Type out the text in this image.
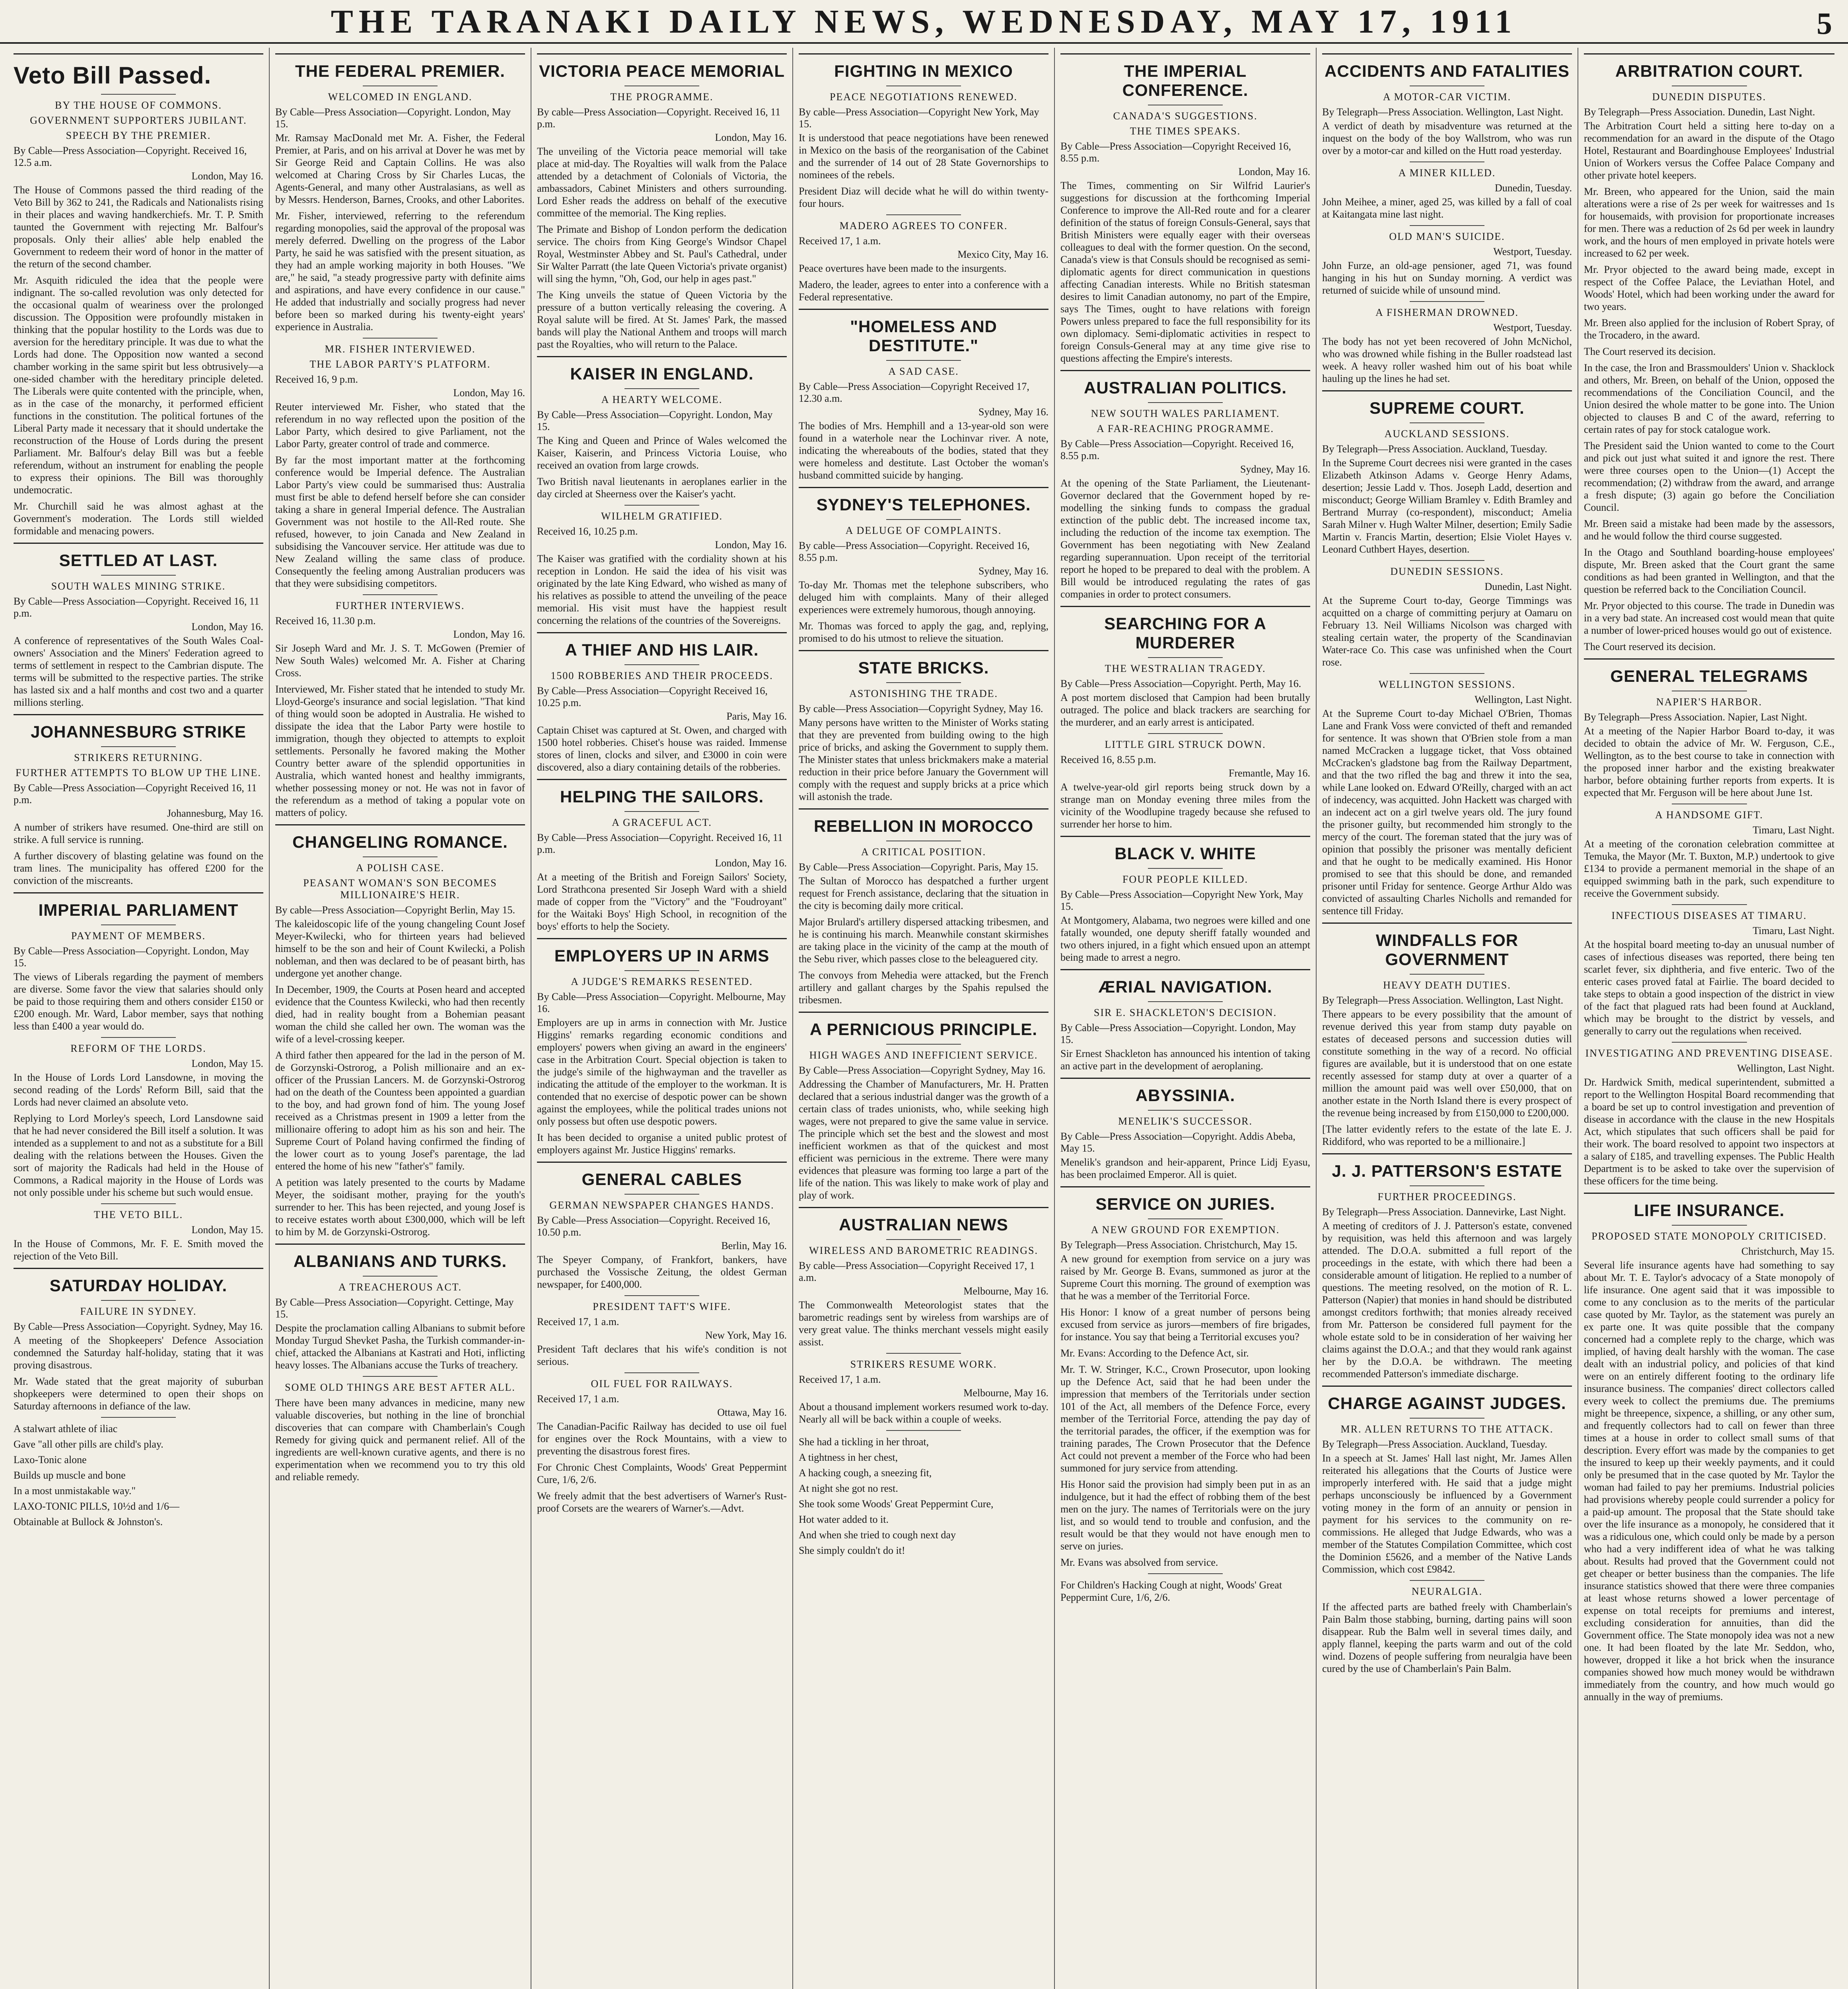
THE TARANAKI DAILY NEWS, WEDNESDAY, MAY 17, 1911	5
Veto Bill Passed.
BY THE HOUSE OF COMMONS.
GOVERNMENT SUPPORTERS JUBILANT.
SPEECH BY THE PREMIER.
By Cable—Press Association—Copyright. Received 16, 12.5 a.m.
London, May 16.

The House of Commons passed the third reading of the Veto Bill by 362 to 241, the Radicals and Nationalists rising in their places and waving handkerchiefs. Mr. T. P. Smith taunted the Government with rejecting Mr. Balfour's proposals. Only their allies' able help enabled the Government to redeem their word of honor in the matter of the return of the second chamber.

Mr. Asquith ridiculed the idea that the people were indignant. The so-called revolution was only detected for the occasional qualm of weariness over the prolonged discussion. The Opposition were profoundly mistaken in thinking that the popular hostility to the Lords was due to aversion for the hereditary principle. It was due to what the Lords had done. The Opposition now wanted a second chamber working in the same spirit but less obtrusively—a one-sided chamber with the hereditary principle deleted. The Liberals were quite contented with the principle, when, as in the case of the monarchy, it performed efficient functions in the constitution. The political fortunes of the Liberal Party made it necessary that it should undertake the reconstruction of the House of Lords during the present Parliament. Mr. Balfour's delay Bill was but a feeble referendum, without an instrument for enabling the people to express their opinions. The Bill was thoroughly undemocratic.

Mr. Churchill said he was almost aghast at the Government's moderation. The Lords still wielded formidable and menacing powers.

SETTLED AT LAST.
SOUTH WALES MINING STRIKE.
By Cable—Press Association—Copyright. Received 16, 11 p.m.
London, May 16.

A conference of representatives of the South Wales Coal-owners' Association and the Miners' Federation agreed to terms of settlement in respect to the Cambrian dispute. The terms will be submitted to the respective parties. The strike has lasted six and a half months and cost two and a quarter millions sterling.

JOHANNESBURG STRIKE
STRIKERS RETURNING.
FURTHER ATTEMPTS TO BLOW UP THE LINE.
By Cable—Press Association—Copyright Received 16, 11 p.m.
Johannesburg, May 16.

A number of strikers have resumed. One-third are still on strike. A full service is running.

A further discovery of blasting gelatine was found on the tram lines. The municipality has offered £200 for the conviction of the miscreants.

IMPERIAL PARLIAMENT
PAYMENT OF MEMBERS.
By Cable—Press Association—Copyright. London, May 15.

The views of Liberals regarding the payment of members are diverse. Some favor the view that salaries should only be paid to those requiring them and others consider £150 or £200 enough. Mr. Ward, Labor member, says that nothing less than £400 a year would do.

REFORM OF THE LORDS.
London, May 15.

In the House of Lords Lord Lansdowne, in moving the second reading of the Lords' Reform Bill, said that the Lords had never claimed an absolute veto.

Replying to Lord Morley's speech, Lord Lansdowne said that he had never considered the Bill itself a solution. It was intended as a supplement to and not as a substitute for a Bill dealing with the relations between the Houses. Given the sort of majority the Radicals had held in the House of Commons, a Radical majority in the House of Lords was not only possible under his scheme but such would ensue.

THE VETO BILL.
London, May 15.

In the House of Commons, Mr. F. E. Smith moved the rejection of the Veto Bill.

SATURDAY HOLIDAY.
FAILURE IN SYDNEY.
By Cable—Press Association—Copyright. Sydney, May 16.

A meeting of the Shopkeepers' Defence Association condemned the Saturday half-holiday, stating that it was proving disastrous.

Mr. Wade stated that the great majority of suburban shopkeepers were determined to open their shops on Saturday afternoons in defiance of the law.

A stalwart athlete of iliac
Gave "all other pills are child's play.
Laxo-Tonic alone
Builds up muscle and bone
In a most unmistakable way."
LAXO-TONIC PILLS, 10½d and 1/6—
Obtainable at Bullock & Johnston's.
THE FEDERAL PREMIER.
WELCOMED IN ENGLAND.
By Cable—Press Association—Copyright. London, May 15.

Mr. Ramsay MacDonald met Mr. A. Fisher, the Federal Premier, at Paris, and on his arrival at Dover he was met by Sir George Reid and Captain Collins. He was also welcomed at Charing Cross by Sir Charles Lucas, the Agents-General, and many other Australasians, as well as by Messrs. Henderson, Barnes, Crooks, and other Laborites.

Mr. Fisher, interviewed, referring to the referendum regarding monopolies, said the approval of the proposal was merely deferred. Dwelling on the progress of the Labor Party, he said he was satisfied with the present situation, as they had an ample working majority in both Houses. "We are," he said, "a steady progressive party with definite aims and aspirations, and have every confidence in our cause." He added that industrially and socially progress had never before been so marked during his twenty-eight years' experience in Australia.

MR. FISHER INTERVIEWED.
THE LABOR PARTY'S PLATFORM.
Received 16, 9 p.m.
London, May 16.

Reuter interviewed Mr. Fisher, who stated that the referendum in no way reflected upon the position of the Labor Party, which desired to give Parliament, not the Labor Party, greater control of trade and commerce.

By far the most important matter at the forthcoming conference would be Imperial defence. The Australian Labor Party's view could be summarised thus: Australia must first be able to defend herself before she can consider taking a share in general Imperial defence. The Australian Government was not hostile to the All-Red route. She refused, however, to join Canada and New Zealand in subsidising the Vancouver service. Her attitude was due to New Zealand willing the same class of produce. Consequently the feeling among Australian producers was that they were subsidising competitors.

FURTHER INTERVIEWS.
Received 16, 11.30 p.m.
London, May 16.

Sir Joseph Ward and Mr. J. S. T. McGowen (Premier of New South Wales) welcomed Mr. A. Fisher at Charing Cross.

Interviewed, Mr. Fisher stated that he intended to study Mr. Lloyd-George's insurance and social legislation. "That kind of thing would soon be adopted in Australia. He wished to dissipate the idea that the Labor Party were hostile to immigration, though they objected to attempts to exploit settlements. Personally he favored making the Mother Country better aware of the splendid opportunities in Australia, which wanted honest and healthy immigrants, whether possessing money or not. He was not in favor of the referendum as a method of taking a popular vote on matters of policy.

CHANGELING ROMANCE.
A POLISH CASE.
PEASANT WOMAN'S SON BECOMES MILLIONAIRE'S HEIR.
By cable—Press Association—Copyright Berlin, May 15.

The kaleidoscopic life of the young changeling Count Josef Meyer-Kwilecki, who for thirteen years had believed himself to be the son and heir of Count Kwilecki, a Polish nobleman, and then was declared to be of peasant birth, has undergone yet another change.

In December, 1909, the Courts at Posen heard and accepted evidence that the Countess Kwilecki, who had then recently died, had in reality bought from a Bohemian peasant woman the child she called her own. The woman was the wife of a level-crossing keeper.

A third father then appeared for the lad in the person of M. de Gorzynski-Ostrorog, a Polish millionaire and an ex-officer of the Prussian Lancers. M. de Gorzynski-Ostrorog had on the death of the Countess been appointed a guardian to the boy, and had grown fond of him. The young Josef received as a Christmas present in 1909 a letter from the millionaire offering to adopt him as his son and heir. The Supreme Court of Poland having confirmed the finding of the lower court as to young Josef's parentage, the lad entered the home of his new "father's" family.

A petition was lately presented to the courts by Madame Meyer, the soidisant mother, praying for the youth's surrender to her. This has been rejected, and young Josef is to receive estates worth about £300,000, which will be left to him by M. de Gorzynski-Ostrorog.

ALBANIANS AND TURKS.
A TREACHEROUS ACT.
By Cable—Press Association—Copyright. Cettinge, May 15.

Despite the proclamation calling Albanians to submit before Monday Turgud Shevket Pasha, the Turkish commander-in-chief, attacked the Albanians at Kastrati and Hoti, inflicting heavy losses. The Albanians accuse the Turks of treachery.

SOME OLD THINGS ARE BEST AFTER ALL.

There have been many advances in medicine, many new valuable discoveries, but nothing in the line of bronchial discoveries that can compare with Chamberlain's Cough Remedy for giving quick and permanent relief. All of the ingredients are well-known curative agents, and there is no experimentation when we recommend you to try this old and reliable remedy.

VICTORIA PEACE MEMORIAL
THE PROGRAMME.
By cable—Press Association—Copyright. Received 16, 11 p.m.
London, May 16.

The unveiling of the Victoria peace memorial will take place at mid-day. The Royalties will walk from the Palace attended by a detachment of Colonials of Victoria, the ambassadors, Cabinet Ministers and others surrounding. Lord Esher reads the address on behalf of the executive committee of the memorial. The King replies.

The Primate and Bishop of London perform the dedication service. The choirs from King George's Windsor Chapel Royal, Westminster Abbey and St. Paul's Cathedral, under Sir Walter Parratt (the late Queen Victoria's private organist) will sing the hymn, "Oh, God, our help in ages past."

The King unveils the statue of Queen Victoria by the pressure of a button vertically releasing the covering. A Royal salute will be fired. At St. James' Park, the massed bands will play the National Anthem and troops will march past the Royalties, who will return to the Palace.

KAISER IN ENGLAND.
A HEARTY WELCOME.
By Cable—Press Association—Copyright. London, May 15.

The King and Queen and Prince of Wales welcomed the Kaiser, Kaiserin, and Princess Victoria Louise, who received an ovation from large crowds.

Two British naval lieutenants in aeroplanes earlier in the day circled at Sheerness over the Kaiser's yacht.

WILHELM GRATIFIED.
Received 16, 10.25 p.m.
London, May 16.

The Kaiser was gratified with the cordiality shown at his reception in London. He said the idea of his visit was originated by the late King Edward, who wished as many of his relatives as possible to attend the unveiling of the peace memorial. His visit must have the happiest result concerning the relations of the countries of the Sovereigns.

A THIEF AND HIS LAIR.
1500 ROBBERIES AND THEIR PROCEEDS.
By Cable—Press Association—Copyright Received 16, 10.25 p.m.
Paris, May 16.

Captain Chiset was captured at St. Owen, and charged with 1500 hotel robberies. Chiset's house was raided. Immense stores of linen, clocks and silver, and £3000 in coin were discovered, also a diary containing details of the robberies.

HELPING THE SAILORS.
A GRACEFUL ACT.
By Cable—Press Association—Copyright. Received 16, 11 p.m.
London, May 16.

At a meeting of the British and Foreign Sailors' Society, Lord Strathcona presented Sir Joseph Ward with a shield made of copper from the "Victory" and the "Foudroyant" for the Waitaki Boys' High School, in recognition of the boys' efforts to help the Society.

EMPLOYERS UP IN ARMS
A JUDGE'S REMARKS RESENTED.
By Cable—Press Association—Copyright. Melbourne, May 16.

Employers are up in arms in connection with Mr. Justice Higgins' remarks regarding economic conditions and employers' powers when giving an award in the engineers' case in the Arbitration Court. Special objection is taken to the judge's simile of the highwayman and the traveller as indicating the attitude of the employer to the workman. It is contended that no exercise of despotic power can be shown against the employees, while the political trades unions not only possess but often use despotic powers.

It has been decided to organise a united public protest of employers against Mr. Justice Higgins' remarks.

GENERAL CABLES
GERMAN NEWSPAPER CHANGES HANDS.
By Cable—Press Association—Copyright. Received 16, 10.50 p.m.
Berlin, May 16.

The Speyer Company, of Frankfort, bankers, have purchased the Vossische Zeitung, the oldest German newspaper, for £400,000.

PRESIDENT TAFT'S WIFE.
Received 17, 1 a.m.
New York, May 16.

President Taft declares that his wife's condition is not serious.

OIL FUEL FOR RAILWAYS.
Received 17, 1 a.m.
Ottawa, May 16.

The Canadian-Pacific Railway has decided to use oil fuel for engines over the Rock Mountains, with a view to preventing the disastrous forest fires.

For Chronic Chest Complaints, Woods' Great Peppermint Cure, 1/6, 2/6.

We freely admit that the best advertisers of Warner's Rust-proof Corsets are the wearers of Warner's.—Advt.

FIGHTING IN MEXICO
PEACE NEGOTIATIONS RENEWED.
By cable—Press Association—Copyright New York, May 15.

It is understood that peace negotiations have been renewed in Mexico on the basis of the reorganisation of the Cabinet and the surrender of 14 out of 28 State Governorships to nominees of the rebels.

President Diaz will decide what he will do within twenty-four hours.

MADERO AGREES TO CONFER.
Received 17, 1 a.m.
Mexico City, May 16.

Peace overtures have been made to the insurgents.

Madero, the leader, agrees to enter into a conference with a Federal representative.

"HOMELESS AND DESTITUTE."
A SAD CASE.
By Cable—Press Association—Copyright Received 17, 12.30 a.m.
Sydney, May 16.

The bodies of Mrs. Hemphill and a 13-year-old son were found in a waterhole near the Lochinvar river. A note, indicating the whereabouts of the bodies, stated that they were homeless and destitute. Last October the woman's husband committed suicide by hanging.

SYDNEY'S TELEPHONES.
A DELUGE OF COMPLAINTS.
By cable—Press Association—Copyright. Received 16, 8.55 p.m.
Sydney, May 16.

To-day Mr. Thomas met the telephone subscribers, who deluged him with complaints. Many of their alleged experiences were extremely humorous, though annoying.

Mr. Thomas was forced to apply the gag, and, replying, promised to do his utmost to relieve the situation.

STATE BRICKS.
ASTONISHING THE TRADE.
By cable—Press Association—Copyright Sydney, May 16.

Many persons have written to the Minister of Works stating that they are prevented from building owing to the high price of bricks, and asking the Government to supply them. The Minister states that unless brickmakers make a material reduction in their price before January the Government will comply with the request and supply bricks at a price which will astonish the trade.

REBELLION IN MOROCCO
A CRITICAL POSITION.
By Cable—Press Association—Copyright. Paris, May 15.

The Sultan of Morocco has despatched a further urgent request for French assistance, declaring that the situation in the city is becoming daily more critical.

Major Brulard's artillery dispersed attacking tribesmen, and he is continuing his march. Meanwhile constant skirmishes are taking place in the vicinity of the camp at the mouth of the Sebu river, which passes close to the beleaguered city.

The convoys from Mehedia were attacked, but the French artillery and gallant charges by the Spahis repulsed the tribesmen.

A PERNICIOUS PRINCIPLE.
HIGH WAGES AND INEFFICIENT SERVICE.
By Cable—Press Association—Copyright Sydney, May 16.

Addressing the Chamber of Manufacturers, Mr. H. Pratten declared that a serious industrial danger was the growth of a certain class of trades unionists, who, while seeking high wages, were not prepared to give the same value in service. The principle which set the best and the slowest and most inefficient workmen as that of the quickest and most efficient was pernicious in the extreme. There were many evidences that pleasure was forming too large a part of the life of the nation. This was likely to make work of play and play of work.

AUSTRALIAN NEWS
WIRELESS AND BAROMETRIC READINGS.
By cable—Press Association—Copyright Received 17, 1 a.m.
Melbourne, May 16.

The Commonwealth Meteorologist states that the barometric readings sent by wireless from warships are of very great value. The thinks merchant vessels might easily assist.

STRIKERS RESUME WORK.
Received 17, 1 a.m.
Melbourne, May 16.

About a thousand implement workers resumed work to-day. Nearly all will be back within a couple of weeks.

She had a tickling in her throat,
A tightness in her chest,
A hacking cough, a sneezing fit,
At night she got no rest.
She took some Woods' Great Peppermint Cure,
Hot water added to it.
And when she tried to cough next day
She simply couldn't do it!
THE IMPERIAL CONFERENCE.
CANADA'S SUGGESTIONS.
THE TIMES SPEAKS.
By Cable—Press Association—Copyright Received 16, 8.55 p.m.
London, May 16.

The Times, commenting on Sir Wilfrid Laurier's suggestions for discussion at the forthcoming Imperial Conference to improve the All-Red route and for a clearer definition of the status of foreign Consuls-General, says that British Ministers were equally eager with their overseas colleagues to deal with the former question. On the second, Canada's view is that Consuls should be recognised as semi-diplomatic agents for direct communication in questions affecting Canadian interests. While no British statesman desires to limit Canadian autonomy, no part of the Empire, says The Times, ought to have relations with foreign Powers unless prepared to face the full responsibility for its own diplomacy. Semi-diplomatic activities in respect to foreign Consuls-General may at any time give rise to questions affecting the Empire's interests.

AUSTRALIAN POLITICS.
NEW SOUTH WALES PARLIAMENT.
A FAR-REACHING PROGRAMME.
By Cable—Press Association—Copyright. Received 16, 8.55 p.m.
Sydney, May 16.

At the opening of the State Parliament, the Lieutenant-Governor declared that the Government hoped by re-modelling the sinking funds to compass the gradual extinction of the public debt. The increased income tax, including the reduction of the income tax exemption. The Government has been negotiating with New Zealand regarding superannuation. Upon receipt of the territorial report he hoped to be prepared to deal with the problem. A Bill would be introduced regulating the rates of gas companies in order to protect consumers.

SEARCHING FOR A MURDERER
THE WESTRALIAN TRAGEDY.
By Cable—Press Association—Copyright. Perth, May 16.

A post mortem disclosed that Campion had been brutally outraged. The police and black trackers are searching for the murderer, and an early arrest is anticipated.

LITTLE GIRL STRUCK DOWN.
Received 16, 8.55 p.m.
Fremantle, May 16.

A twelve-year-old girl reports being struck down by a strange man on Monday evening three miles from the vicinity of the Woodlupine tragedy because she refused to surrender her horse to him.

BLACK V. WHITE
FOUR PEOPLE KILLED.
By Cable—Press Association—Copyright New York, May 15.

At Montgomery, Alabama, two negroes were killed and one fatally wounded, one deputy sheriff fatally wounded and two others injured, in a fight which ensued upon an attempt being made to arrest a negro.

ÆRIAL NAVIGATION.
SIR E. SHACKLETON'S DECISION.
By Cable—Press Association—Copyright. London, May 15.

Sir Ernest Shackleton has announced his intention of taking an active part in the development of aeroplaning.

ABYSSINIA.
MENELIK'S SUCCESSOR.
By Cable—Press Association—Copyright. Addis Abeba, May 15.

Menelik's grandson and heir-apparent, Prince Lidj Eyasu, has been proclaimed Emperor. All is quiet.

SERVICE ON JURIES.
A NEW GROUND FOR EXEMPTION.
By Telegraph—Press Association. Christchurch, May 15.

A new ground for exemption from service on a jury was raised by Mr. George B. Evans, summoned as juror at the Supreme Court this morning. The ground of exemption was that he was a member of the Territorial Force.

His Honor: I know of a great number of persons being excused from service as jurors—members of fire brigades, for instance. You say that being a Territorial excuses you?

Mr. Evans: According to the Defence Act, sir.

Mr. T. W. Stringer, K.C., Crown Prosecutor, upon looking up the Defence Act, said that he had been under the impression that members of the Territorials under section 101 of the Act, all members of the Defence Force, every member of the Territorial Force, attending the pay day of the territorial parades, the officer, if the exemption was for training parades, The Crown Prosecutor that the Defence Act could not prevent a member of the Force who had been summoned for jury service from attending.

His Honor said the provision had simply been put in as an indulgence, but it had the effect of robbing them of the best men on the jury. The names of Territorials were on the jury list, and so would tend to trouble and confusion, and the result would be that they would not have enough men to serve on juries.

Mr. Evans was absolved from service.

For Children's Hacking Cough at night, Woods' Great Peppermint Cure, 1/6, 2/6.
ACCIDENTS AND FATALITIES
A MOTOR-CAR VICTIM.
By Telegraph—Press Association. Wellington, Last Night.

A verdict of death by misadventure was returned at the inquest on the body of the boy Wallstrom, who was run over by a motor-car and killed on the Hutt road yesterday.

A MINER KILLED.
Dunedin, Tuesday.

John Meihee, a miner, aged 25, was killed by a fall of coal at Kaitangata mine last night.

OLD MAN'S SUICIDE.
Westport, Tuesday.

John Furze, an old-age pensioner, aged 71, was found hanging in his hut on Sunday morning. A verdict was returned of suicide while of unsound mind.

A FISHERMAN DROWNED.
Westport, Tuesday.

The body has not yet been recovered of John McNichol, who was drowned while fishing in the Buller roadstead last week. A heavy roller washed him out of his boat while hauling up the lines he had set.

SUPREME COURT.
AUCKLAND SESSIONS.
By Telegraph—Press Association. Auckland, Tuesday.

In the Supreme Court decrees nisi were granted in the cases Elizabeth Atkinson Adams v. George Henry Adams, desertion; Jessie Ladd v. Thos. Joseph Ladd, desertion and misconduct; George William Bramley v. Edith Bramley and Bertrand Murray (co-respondent), misconduct; Amelia Sarah Milner v. Hugh Walter Milner, desertion; Emily Sadie Martin v. Francis Martin, desertion; Elsie Violet Hayes v. Leonard Cuthbert Hayes, desertion.

DUNEDIN SESSIONS.
Dunedin, Last Night.

At the Supreme Court to-day, George Timmings was acquitted on a charge of committing perjury at Oamaru on February 13. Neil Williams Nicolson was charged with stealing certain water, the property of the Scandinavian Water-race Co. This case was unfinished when the Court rose.

WELLINGTON SESSIONS.
Wellington, Last Night.

At the Supreme Court to-day Michael O'Brien, Thomas Lane and Frank Voss were convicted of theft and remanded for sentence. It was shown that O'Brien stole from a man named McCracken a luggage ticket, that Voss obtained McCracken's gladstone bag from the Railway Department, and that the two rifled the bag and threw it into the sea, while Lane looked on. Edward O'Reilly, charged with an act of indecency, was acquitted. John Hackett was charged with an indecent act on a girl twelve years old. The jury found the prisoner guilty, but recommended him strongly to the mercy of the court. The foreman stated that the jury was of opinion that possibly the prisoner was mentally deficient and that he ought to be medically examined. His Honor promised to see that this should be done, and remanded prisoner until Friday for sentence. George Arthur Aldo was convicted of assaulting Charles Nicholls and remanded for sentence till Friday.

WINDFALLS FOR GOVERNMENT
HEAVY DEATH DUTIES.
By Telegraph—Press Association. Wellington, Last Night.

There appears to be every possibility that the amount of revenue derived this year from stamp duty payable on estates of deceased persons and succession duties will constitute something in the way of a record. No official figures are available, but it is understood that on one estate recently assessed for stamp duty at over a quarter of a million the amount paid was well over £50,000, that on another estate in the North Island there is every prospect of the revenue being increased by from £150,000 to £200,000.

[The latter evidently refers to the estate of the late E. J. Riddiford, who was reported to be a millionaire.]

J. J. PATTERSON'S ESTATE
FURTHER PROCEEDINGS.
By Telegraph—Press Association. Dannevirke, Last Night.

A meeting of creditors of J. J. Patterson's estate, convened by requisition, was held this afternoon and was largely attended. The D.O.A. submitted a full report of the proceedings in the estate, with which there had been a considerable amount of litigation. He replied to a number of questions. The meeting resolved, on the motion of R. L. Patterson (Napier) that monies in hand should be distributed amongst creditors forthwith; that monies already received from Mr. Patterson be considered full payment for the whole estate sold to be in consideration of her waiving her claims against the D.O.A.; and that they would rank against her by the D.O.A. be withdrawn. The meeting recommended Patterson's immediate discharge.

CHARGE AGAINST JUDGES.
MR. ALLEN RETURNS TO THE ATTACK.
By Telegraph—Press Association. Auckland, Tuesday.

In a speech at St. James' Hall last night, Mr. James Allen reiterated his allegations that the Courts of Justice were improperly interfered with. He said that a judge might perhaps unconsciously be influenced by a Government voting money in the form of an annuity or pension in payment for his services to the community on re-commissions. He alleged that Judge Edwards, who was a member of the Statutes Compilation Committee, which cost the Dominion £5626, and a member of the Native Lands Commission, which cost £9842.

NEURALGIA.

If the affected parts are bathed freely with Chamberlain's Pain Balm those stabbing, burning, darting pains will soon disappear. Rub the Balm well in several times daily, and apply flannel, keeping the parts warm and out of the cold wind. Dozens of people suffering from neuralgia have been cured by the use of Chamberlain's Pain Balm.

ARBITRATION COURT.
DUNEDIN DISPUTES.
By Telegraph—Press Association. Dunedin, Last Night.

The Arbitration Court held a sitting here to-day on a recommendation for an award in the dispute of the Otago Hotel, Restaurant and Boardinghouse Employees' Industrial Union of Workers versus the Coffee Palace Company and other private hotel keepers.

Mr. Breen, who appeared for the Union, said the main alterations were a rise of 2s per week for waitresses and 1s for housemaids, with provision for proportionate increases for men. There was a reduction of 2s 6d per week in laundry work, and the hours of men employed in private hotels were increased to 62 per week.

Mr. Pryor objected to the award being made, except in respect of the Coffee Palace, the Leviathan Hotel, and Woods' Hotel, which had been working under the award for two years.

Mr. Breen also applied for the inclusion of Robert Spray, of the Trocadero, in the award.

The Court reserved its decision.

In the case, the Iron and Brassmoulders' Union v. Shacklock and others, Mr. Breen, on behalf of the Union, opposed the recommendations of the Conciliation Council, and the Union desired the whole matter to be gone into. The Union objected to clauses B and C of the award, referring to certain rates of pay for stock catalogue work.

The President said the Union wanted to come to the Court and pick out just what suited it and ignore the rest. There were three courses open to the Union—(1) Accept the recommendation; (2) withdraw from the award, and arrange a fresh dispute; (3) again go before the Conciliation Council.

Mr. Breen said a mistake had been made by the assessors, and he would follow the third course suggested.

In the Otago and Southland boarding-house employees' dispute, Mr. Breen asked that the Court grant the same conditions as had been granted in Wellington, and that the question be referred back to the Conciliation Council.

Mr. Pryor objected to this course. The trade in Dunedin was in a very bad state. An increased cost would mean that quite a number of lower-priced houses would go out of existence.

The Court reserved its decision.

GENERAL TELEGRAMS
NAPIER'S HARBOR.
By Telegraph—Press Association. Napier, Last Night.

At a meeting of the Napier Harbor Board to-day, it was decided to obtain the advice of Mr. W. Ferguson, C.E., Wellington, as to the best course to take in connection with the proposed inner harbor and the existing breakwater harbor, before obtaining further reports from experts. It is expected that Mr. Ferguson will be here about June 1st.

A HANDSOME GIFT.
Timaru, Last Night.

At a meeting of the coronation celebration committee at Temuka, the Mayor (Mr. T. Buxton, M.P.) undertook to give £134 to provide a permanent memorial in the shape of an equipped swimming bath in the park, such expenditure to receive the Government subsidy.

INFECTIOUS DISEASES AT TIMARU.
Timaru, Last Night.

At the hospital board meeting to-day an unusual number of cases of infectious diseases was reported, there being ten scarlet fever, six diphtheria, and five enteric. Two of the enteric cases proved fatal at Fairlie. The board decided to take steps to obtain a good inspection of the district in view of the fact that plagued rats had been found at Auckland, which may be brought to the district by vessels, and generally to carry out the regulations when received.

INVESTIGATING AND PREVENTING DISEASE.
Wellington, Last Night.

Dr. Hardwick Smith, medical superintendent, submitted a report to the Wellington Hospital Board recommending that a board be set up to control investigation and prevention of disease in accordance with the clause in the new Hospitals Act, which stipulates that such officers shall be paid for their work. The board resolved to appoint two inspectors at a salary of £185, and travelling expenses. The Public Health Department is to be asked to take over the supervision of these officers for the time being.

LIFE INSURANCE.
PROPOSED STATE MONOPOLY CRITICISED.
Christchurch, May 15.

Several life insurance agents have had something to say about Mr. T. E. Taylor's advocacy of a State monopoly of life insurance. One agent said that it was impossible to come to any conclusion as to the merits of the particular case quoted by Mr. Taylor, as the statement was purely an ex parte one. It was quite possible that the company concerned had a complete reply to the charge, which was implied, of having dealt harshly with the woman. The case dealt with an industrial policy, and policies of that kind were on an entirely different footing to the ordinary life insurance business. The companies' direct collectors called every week to collect the premiums due. The premiums might be threepence, sixpence, a shilling, or any other sum, and frequently collectors had to call on fewer than three times at a house in order to collect small sums of that description. Every effort was made by the companies to get the insured to keep up their weekly payments, and it could only be presumed that in the case quoted by Mr. Taylor the woman had failed to pay her premiums. Industrial policies had provisions whereby people could surrender a policy for a paid-up amount. The proposal that the State should take over the life insurance as a monopoly, he considered that it was a ridiculous one, which could only be made by a person who had a very indifferent idea of what he was talking about. Results had proved that the Government could not get cheaper or better business than the companies. The life insurance statistics showed that there were three companies at least whose returns showed a lower percentage of expense on total receipts for premiums and interest, excluding consideration for annuities, than did the Government office. The State monopoly idea was not a new one. It had been floated by the late Mr. Seddon, who, however, dropped it like a hot brick when the insurance companies showed how much money would be withdrawn immediately from the country, and how much would go annually in the way of premiums.
